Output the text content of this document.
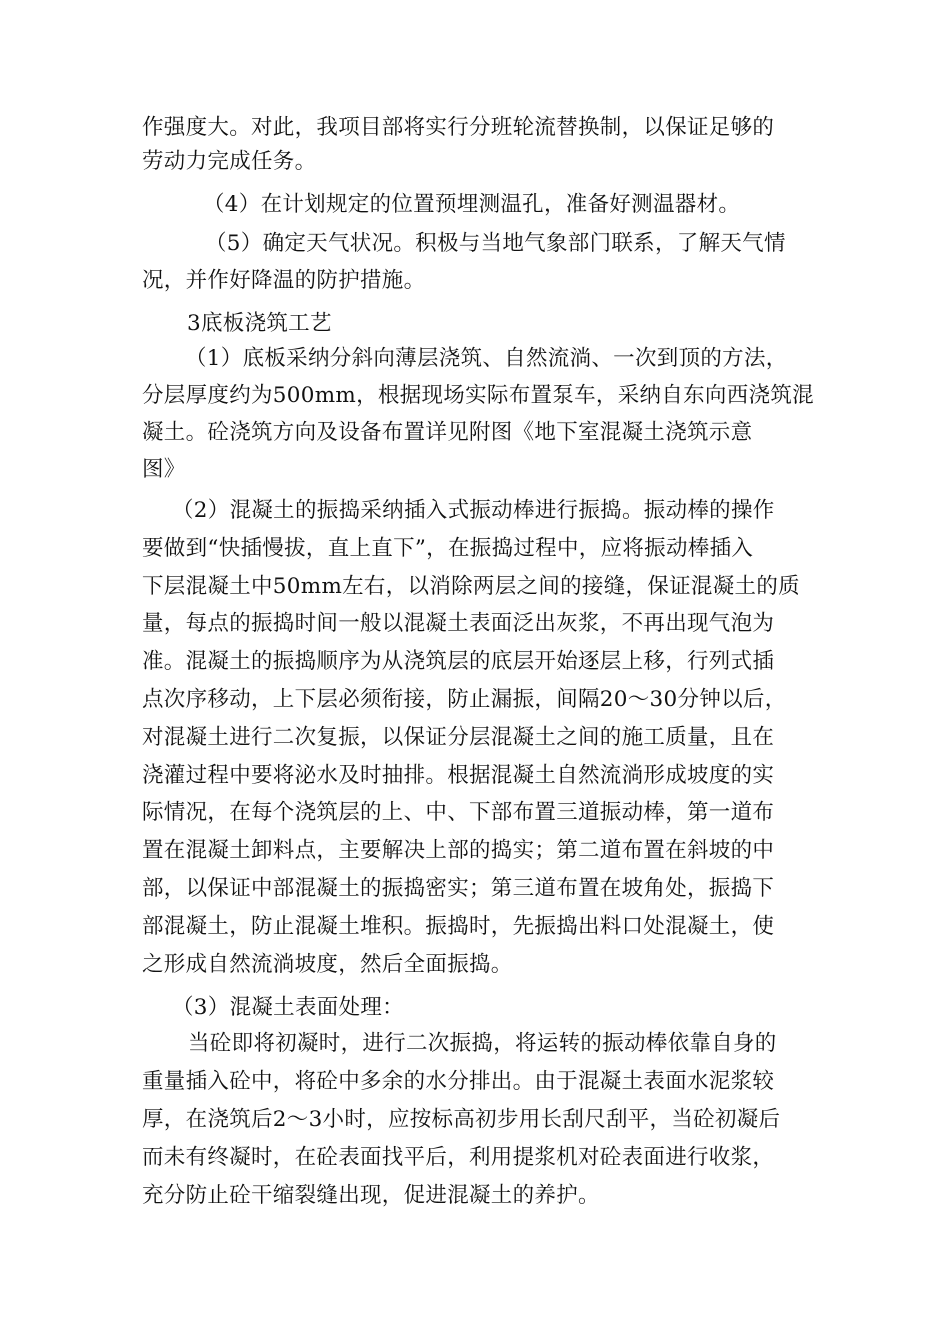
作强度大。对此，我项目部将实行分班轮流替换制，以保证足够的
劳动力完成任务。
（4）在计划规定的位置预埋测温孔，准备好测温器材。
（5）确定天气状况。积极与当地气象部门联系，了解天气情
况，并作好降温的防护措施。
3底板浇筑工艺
（1）底板采纳分斜向薄层浇筑、自然流淌、一次到顶的方法，
分层厚度约为500mm，根据现场实际布置泵车，采纳自东向西浇筑混
凝土。砼浇筑方向及设备布置详见附图《地下室混凝土浇筑示意
图》
（2）混凝土的振捣采纳插入式振动棒进行振捣。振动棒的操作
要做到“快插慢拔，直上直下”，在振捣过程中，应将振动棒插入
下层混凝土中50mm左右，以消除两层之间的接缝，保证混凝土的质
量，每点的振捣时间一般以混凝土表面泛出灰浆，不再出现气泡为
准。混凝土的振捣顺序为从浇筑层的底层开始逐层上移，行列式插
点次序移动，上下层必须衔接，防止漏振，间隔20～30分钟以后，
对混凝土进行二次复振，以保证分层混凝土之间的施工质量，且在
浇灌过程中要将泌水及时抽排。根据混凝土自然流淌形成坡度的实
际情况，在每个浇筑层的上、中、下部布置三道振动棒，第一道布
置在混凝土卸料点，主要解决上部的捣实；第二道布置在斜坡的中
部，以保证中部混凝土的振捣密实；第三道布置在坡角处，振捣下
部混凝土，防止混凝土堆积。振捣时，先振捣出料口处混凝土，使
之形成自然流淌坡度，然后全面振捣。
（3）混凝土表面处理：
当砼即将初凝时，进行二次振捣，将运转的振动棒依靠自身的
重量插入砼中，将砼中多余的水分排出。由于混凝土表面水泥浆较
厚，在浇筑后2～3小时，应按标高初步用长刮尺刮平，当砼初凝后
而未有终凝时，在砼表面找平后，利用提浆机对砼表面进行收浆，
充分防止砼干缩裂缝出现，促进混凝土的养护。
